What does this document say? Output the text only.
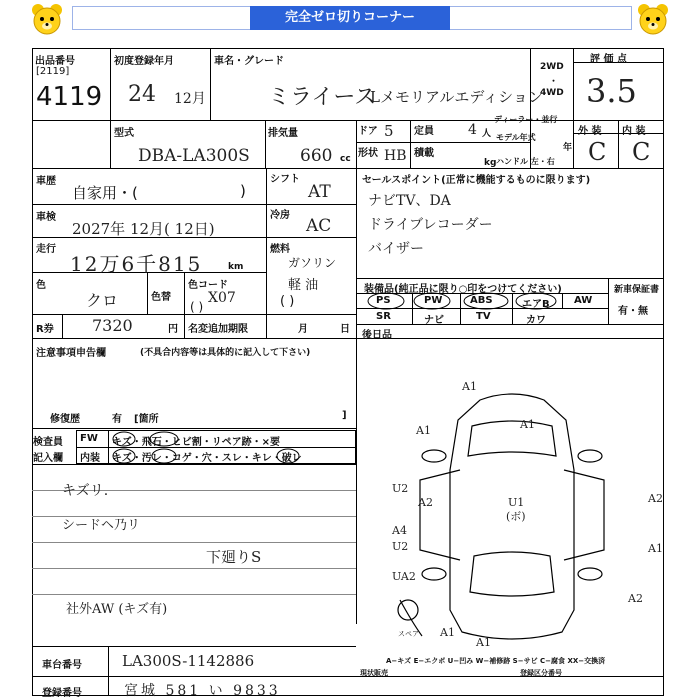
完全ゼロ切りコーナー
出品番号
[2119]
4119
初度登録年月
24 12月
車名・グレード
ミライース
Lメモリアルエディション
2WD
・
4WD
評 価 点
3.5
型式
DBA-LA300S
排気量
660 cc
ドア 5 定員 4 人
ディーラー・並行
モデル年式
年
形状 HB 積載
kg ハンドル 左・右
外 装 内 装
C C
車歴
自家用・(	)
シフト
AT
車検
2027年 12月( 12日)
冷房
AC
走行
12万6千815	km
燃料
ガソリン
軽 油
( )
色
クロ	色替
色コード
X07
( )
R券 7320	円 名変追加期限	月	日
セールスポイント(正常に機能するものに限ります)
ナビTV、DA
ドライブレコーダー
バイザー
装備品(純正品に限り○印をつけてください)	新車保証書
有・無
PS	PW	ABS	エアB AW
SR	ナビ	TV	カワ
後日品
注意事項申告欄	(不具合内容等は具体的に記入して下さい)
修復歴	有 [箇所	]
検査員
記入欄
FW キズ・飛石・ヒビ割・リペア跡・×要
内装 キズ・汚レ・コゲ・穴・スレ・キレ・破レ
キズリ.
シードヘ乃リ
下廻りS
社外AW (キズ有)
A1
A1
A1
U2
A2
A4
U2
UA2
A1
A2
A1
A2
U1
(ボ)
A1
スペア
A−キズ E−エクボ U−凹み W−補修跡 S−サビ C−腐食 XX−交換済
車台番号	LA300S-1142886
登録番号	宮城 581 い 9833
現状販売	登録区分番号
